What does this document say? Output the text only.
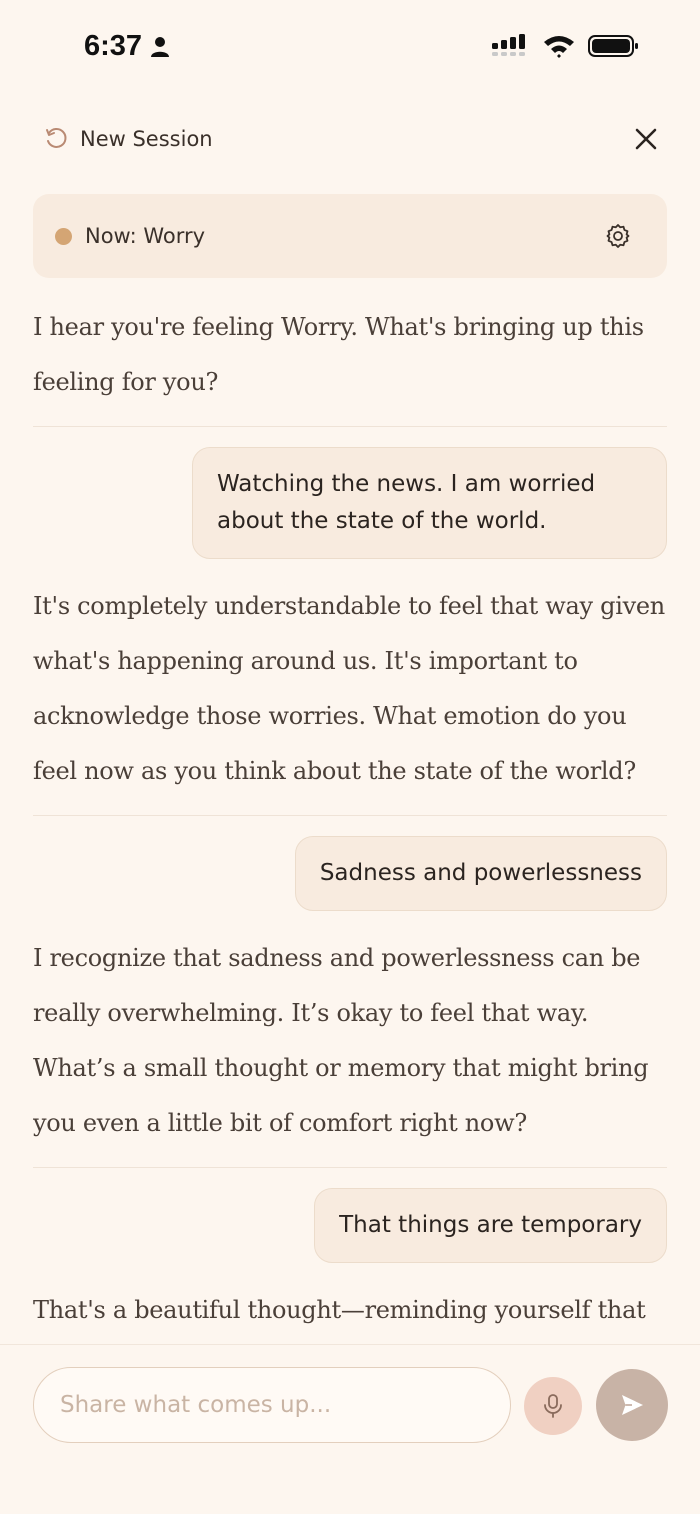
6:37
New Session
Now: Worry
I hear you're feeling Worry. What's bringing up this feeling for you?
Watching the news. I am worried about the state of the world.
It's completely understandable to feel that way given what's happening around us. It's important to acknowledge those worries. What emotion do you feel now as you think about the state of the world?
Sadness and powerlessness
I recognize that sadness and powerlessness can be really overwhelming. It’s okay to feel that way. What’s a small thought or memory that might bring you even a little bit of comfort right now?
That things are temporary
That's a beautiful thought—reminding yourself that
Share what comes up...
